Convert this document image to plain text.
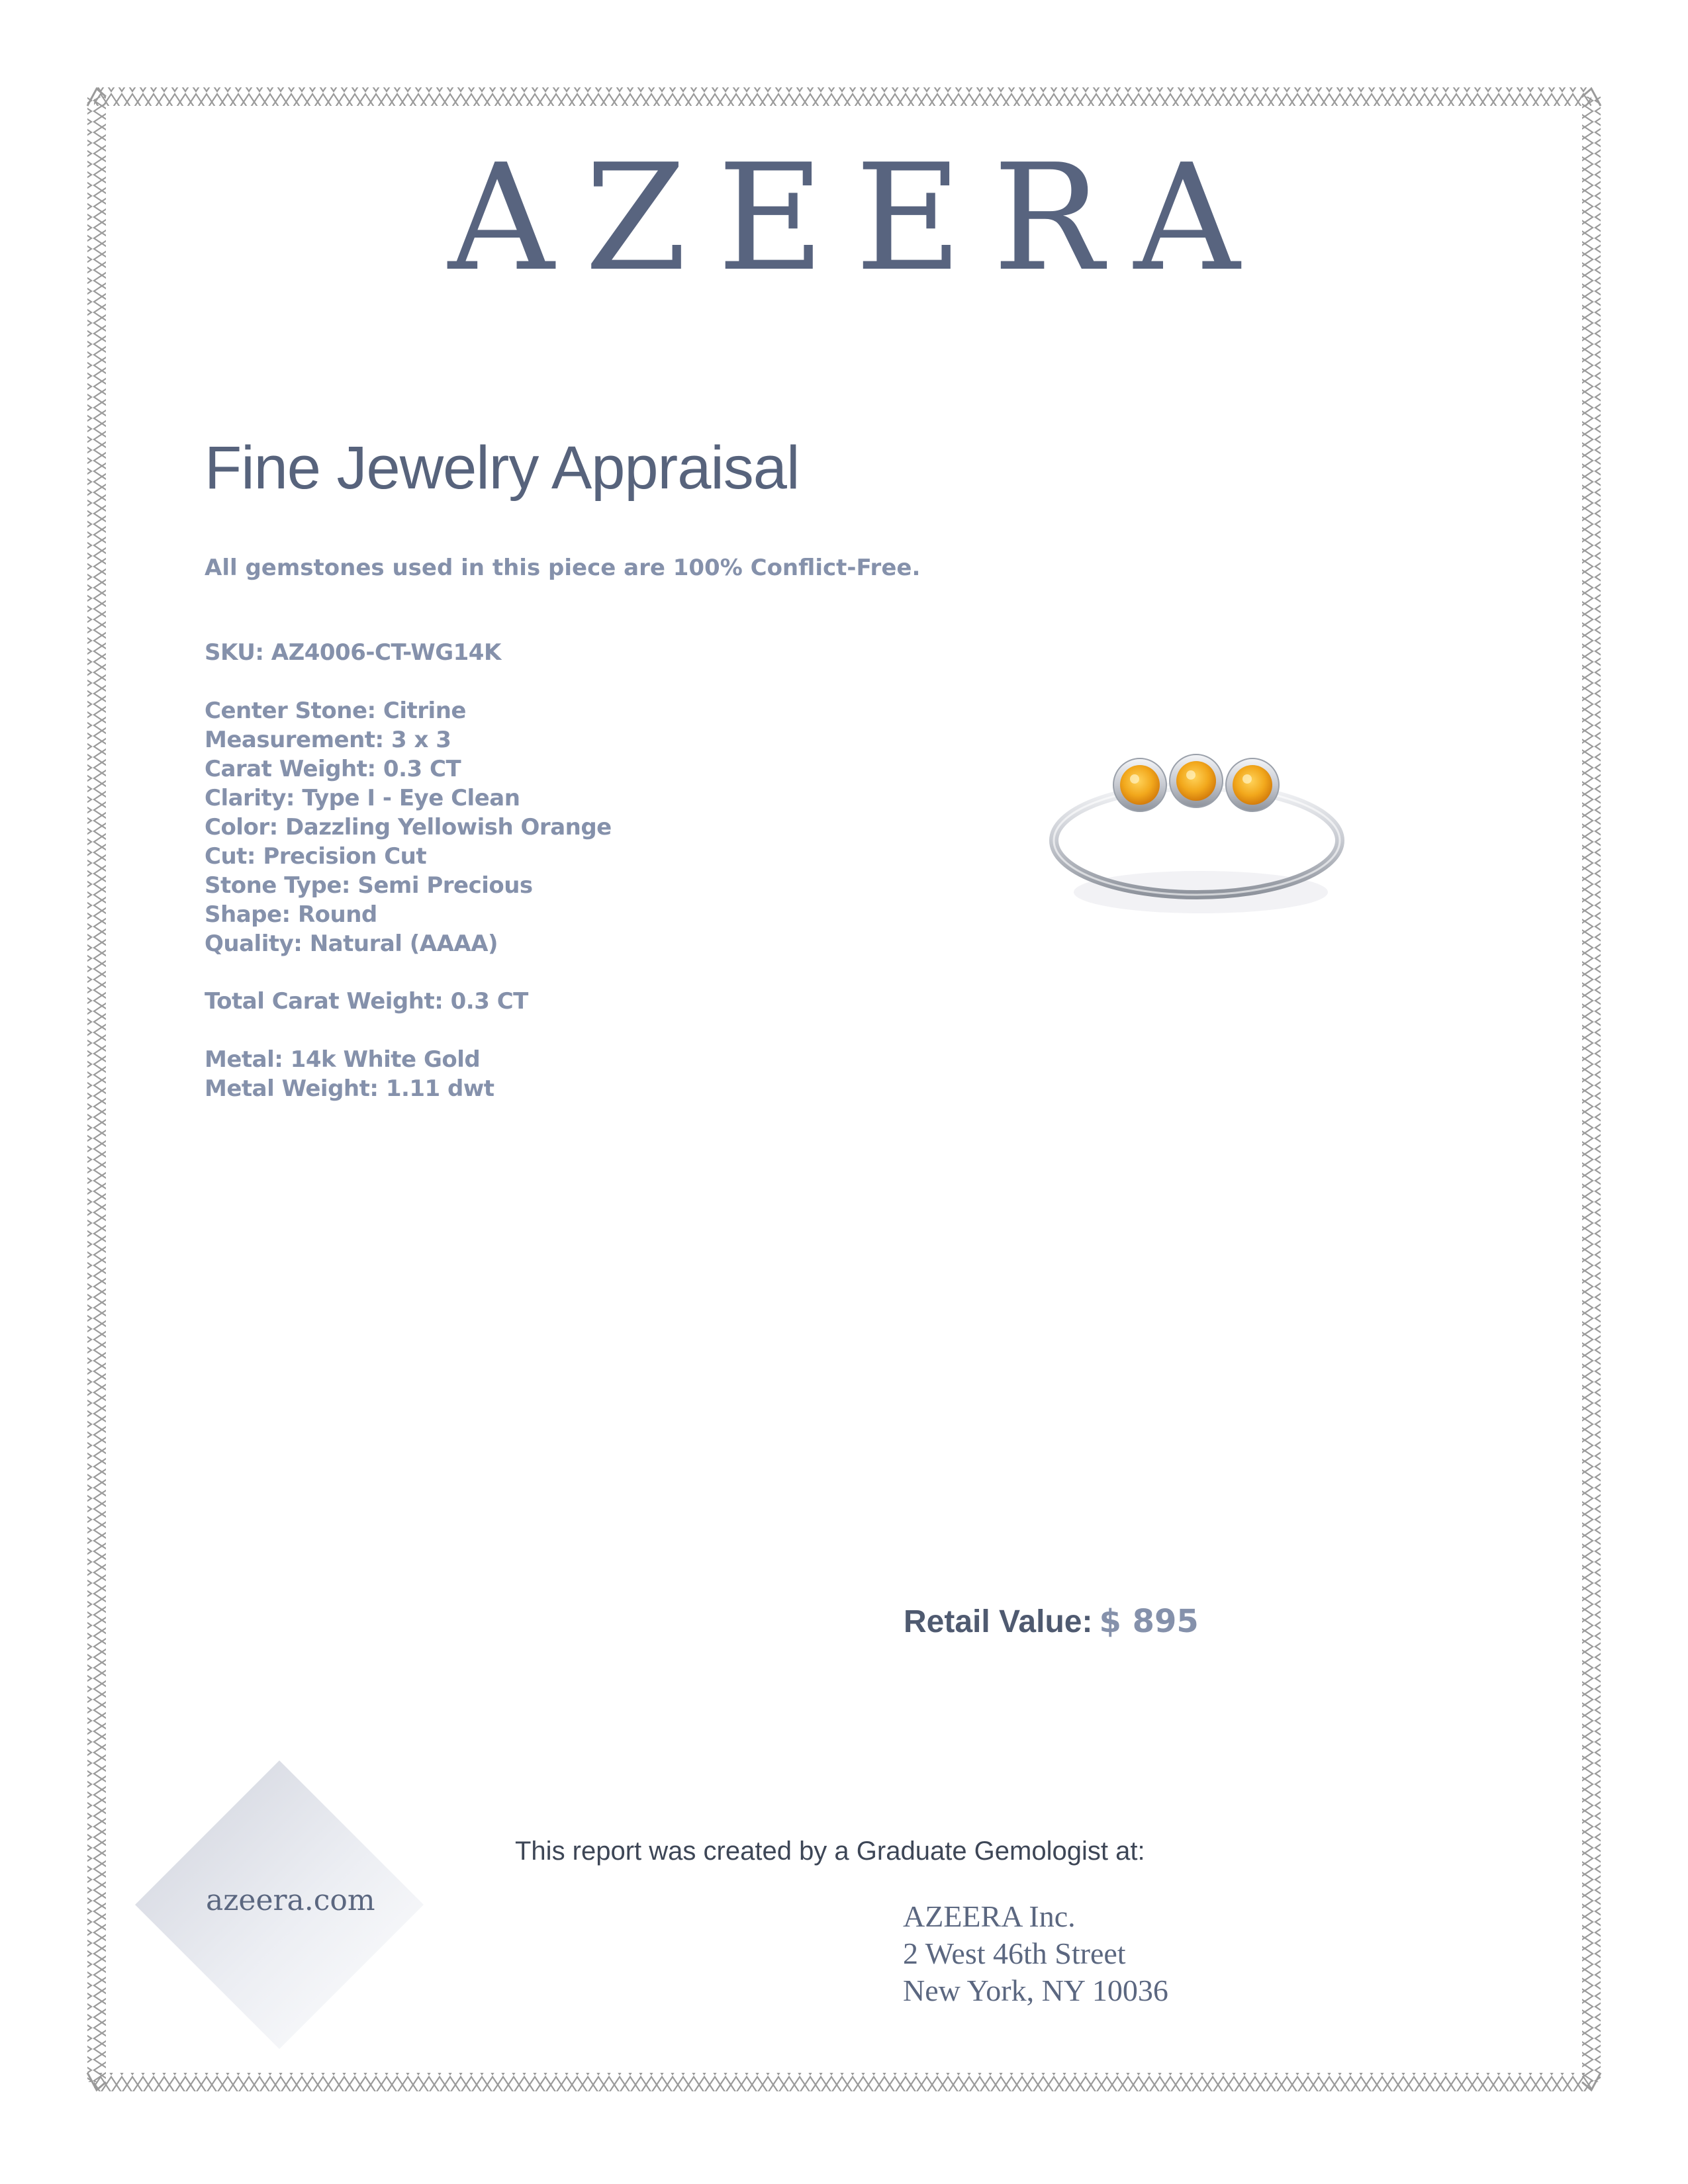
AZEERA
Fine Jewelry Appraisal
All gemstones used in this piece are 100% Conflict-Free.
SKU: AZ4006-CT-WG14K
Center Stone: Citrine
Measurement: 3 x 3
Carat Weight: 0.3 CT
Clarity: Type I - Eye Clean
Color: Dazzling Yellowish Orange
Cut: Precision Cut
Stone Type: Semi Precious
Shape: Round
Quality: Natural (AAAA)
Total Carat Weight: 0.3 CT
Metal: 14k White Gold
Metal Weight: 1.11 dwt
Retail Value: $ 895
azeera.com
This report was created by a Graduate Gemologist at:
AZEERA Inc.
2 West 46th Street
New York, NY 10036
